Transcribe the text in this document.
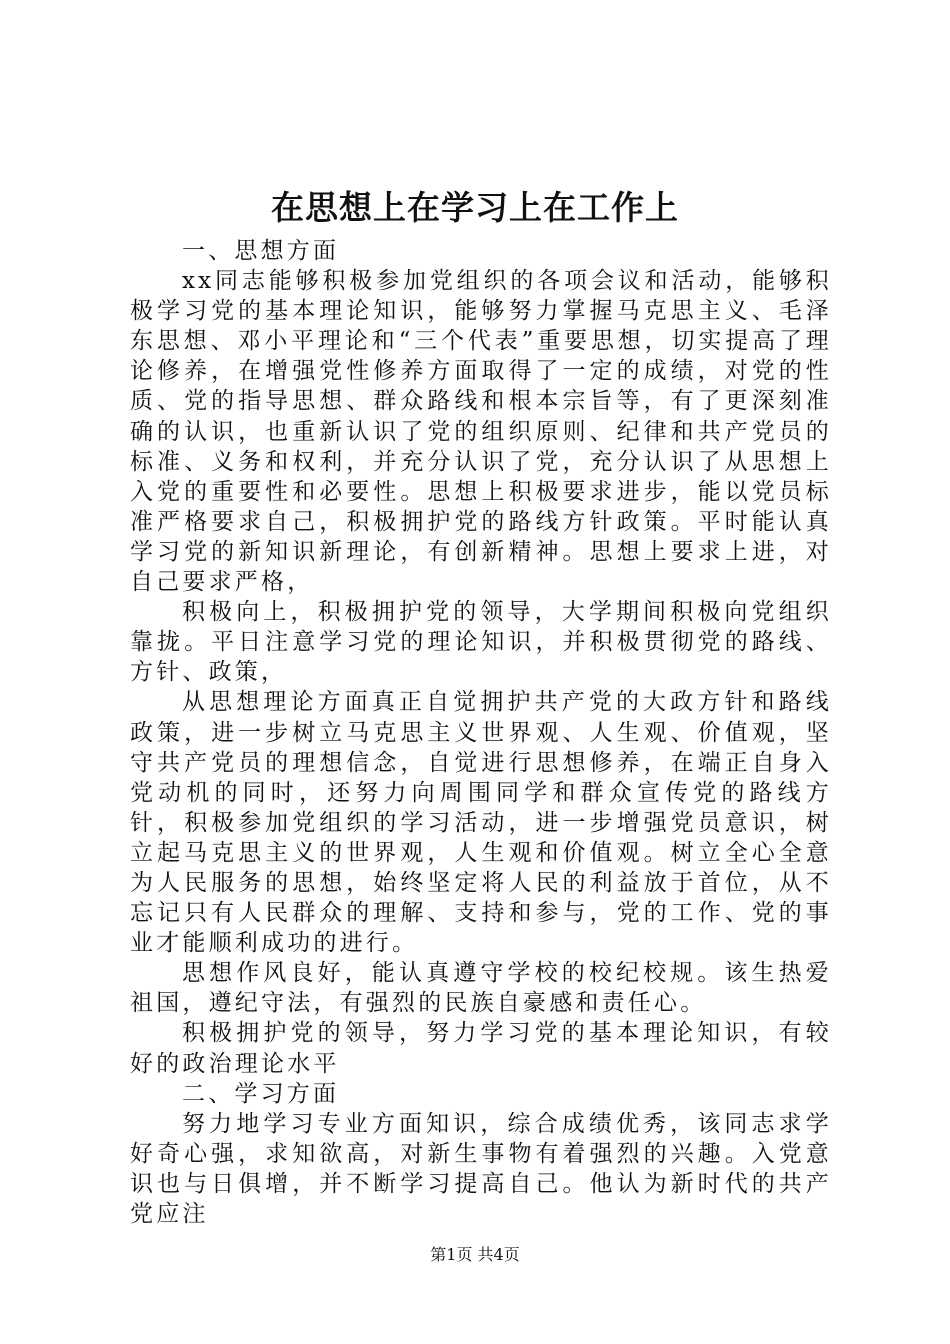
在思想上在学习上在工作上

一、思想方面

xx同志能够积极参加党组织的各项会议和活动，能够积极学习党的基本理论知识，能够努力掌握马克思主义、毛泽东思想、邓小平理论和“三个代表”重要思想，切实提高了理论修养，在增强党性修养方面取得了一定的成绩，对党的性质、党的指导思想、群众路线和根本宗旨等，有了更深刻准确的认识，也重新认识了党的组织原则、纪律和共产党员的标准、义务和权利，并充分认识了党，充分认识了从思想上入党的重要性和必要性。思想上积极要求进步，能以党员标准严格要求自己，积极拥护党的路线方针政策。平时能认真学习党的新知识新理论，有创新精神。思想上要求上进，对自己要求严格，

积极向上，积极拥护党的领导，大学期间积极向党组织靠拢。平日注意学习党的理论知识，并积极贯彻党的路线、方针、政策，

从思想理论方面真正自觉拥护共产党的大政方针和路线政策，进一步树立马克思主义世界观、人生观、价值观，坚守共产党员的理想信念，自觉进行思想修养，在端正自身入党动机的同时，还努力向周围同学和群众宣传党的路线方针，积极参加党组织的学习活动，进一步增强党员意识，树立起马克思主义的世界观，人生观和价值观。树立全心全意为人民服务的思想，始终坚定将人民的利益放于首位，从不忘记只有人民群众的理解、支持和参与，党的工作、党的事业才能顺利成功的进行。

思想作风良好，能认真遵守学校的校纪校规。该生热爱祖国，遵纪守法，有强烈的民族自豪感和责任心。

积极拥护党的领导，努力学习党的基本理论知识，有较好的政治理论水平

二、学习方面

努力地学习专业方面知识，综合成绩优秀，该同志求学好奇心强，求知欲高，对新生事物有着强烈的兴趣。入党意识也与日俱增，并不断学习提高自己。他认为新时代的共产党应注

第1页 共4页
